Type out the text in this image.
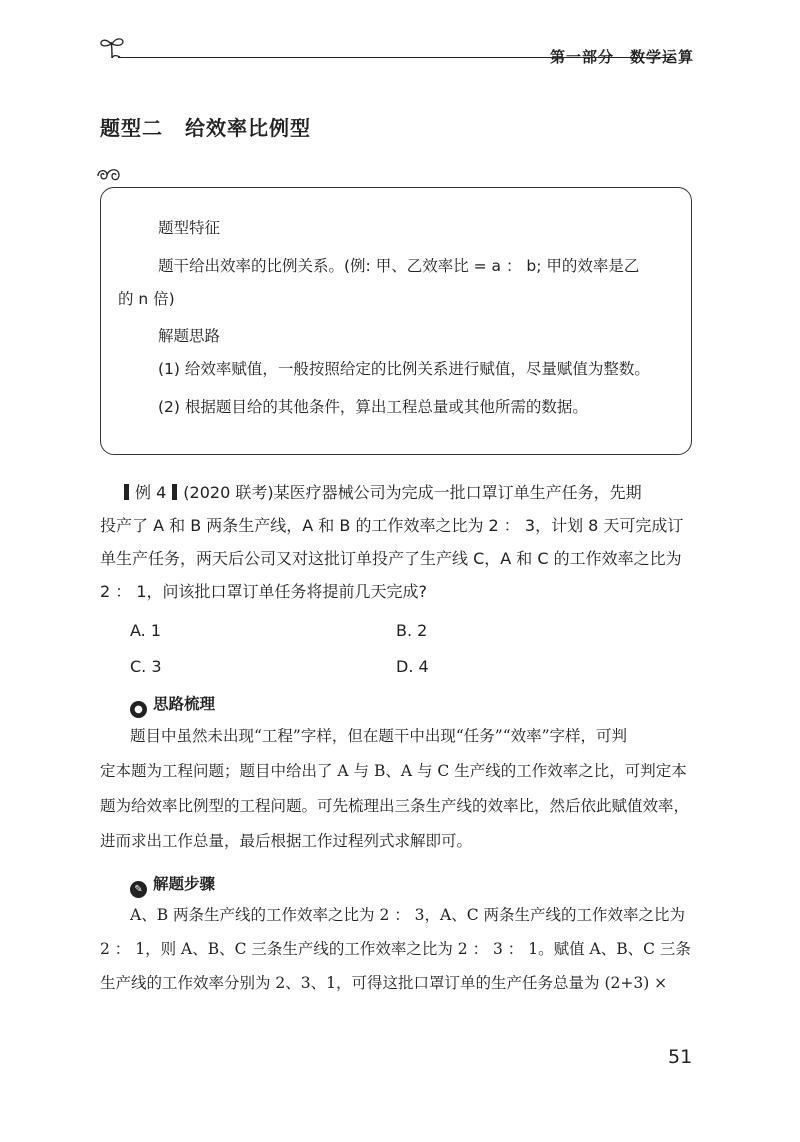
第一部分　数学运算
题型二 给效率比例型
题型特征
题干给出效率的比例关系。(例: 甲、乙效率比 = a ： b; 甲的效率是乙
的 n 倍)
解题思路
(1) 给效率赋值，一般按照给定的比例关系进行赋值，尽量赋值为整数。
(2) 根据题目给的其他条件，算出工程总量或其他所需的数据。
例 4 (2020 联考)某医疗器械公司为完成一批口罩订单生产任务，先期
投产了 A 和 B 两条生产线，A 和 B 的工作效率之比为 2 ： 3，计划 8 天可完成订
单生产任务，两天后公司又对这批订单投产了生产线 C，A 和 C 的工作效率之比为
2 ： 1，问该批口罩订单任务将提前几天完成?
A. 1	B. 2
C. 3	D. 4
● 思路梳理
题目中虽然未出现“工程”字样，但在题干中出现“任务”“效率”字样，可判
定本题为工程问题；题目中给出了 A 与 B、A 与 C 生产线的工作效率之比，可判定本
题为给效率比例型的工程问题。可先梳理出三条生产线的效率比，然后依此赋值效率，
进而求出工作总量，最后根据工作过程列式求解即可。
✎ 解题步骤
A、B 两条生产线的工作效率之比为 2 ： 3，A、C 两条生产线的工作效率之比为
2 ： 1，则 A、B、C 三条生产线的工作效率之比为 2 ： 3 ： 1。赋值 A、B、C 三条
生产线的工作效率分别为 2、3、1，可得这批口罩订单的生产任务总量为 (2+3) ×
51
